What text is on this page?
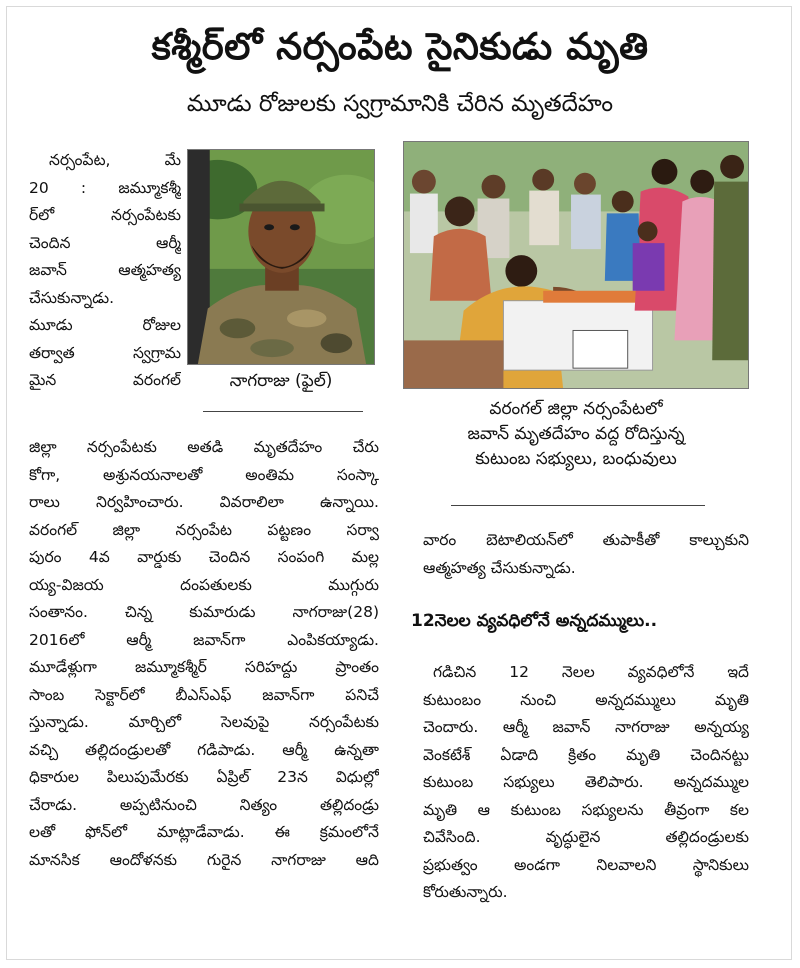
కశ్మీర్‌లో నర్సంపేట సైనికుడు మృతి
మూడు రోజులకు స్వగ్రామానికి చేరిన మృతదేహం
నాగరాజు (ఫైల్)
వరంగల్ జిల్లా నర్సంపేటలో
జవాన్ మృతదేహం వద్ద రోదిస్తున్న
కుటుంబ సభ్యులు, బంధువులు
నర్సంపేట, మే
20 : జమ్మూకశ్మీ
ర్‌లో నర్సంపేటకు
చెందిన ఆర్మీ
జవాన్ ఆత్మహత్య
చేసుకున్నాడు.
మూడు రోజుల
తర్వాత స్వగ్రామ
మైన వరంగల్
జిల్లా నర్సంపేటకు అతడి మృతదేహం చేరు
కోగా, అశ్రునయనాలతో అంతిమ సంస్కా
రాలు నిర్వహించారు. వివరాలిలా ఉన్నాయి.
వరంగల్ జిల్లా నర్సంపేట పట్టణం సర్వా
పురం 4వ వార్డుకు చెందిన సంపంగి మల్ల
య్య-విజయ దంపతులకు ముగ్గురు
సంతానం. చిన్న కుమారుడు నాగరాజు(28)
2016లో ఆర్మీ జవాన్‌గా ఎంపికయ్యాడు.
మూడేళ్లుగా జమ్మూకశ్మీర్ సరిహద్దు ప్రాంతం
సాంబ సెక్టార్‌లో బీఎస్ఎఫ్ జవాన్‌గా పనిచే
స్తున్నాడు. మార్చిలో సెలవుపై నర్సంపేటకు
వచ్చి తల్లిదండ్రులతో గడిపాడు. ఆర్మీ ఉన్నతా
ధికారుల పిలుపుమేరకు ఏప్రిల్ 23న విధుల్లో
చేరాడు. అప్పటినుంచి నిత్యం తల్లిదండ్రు
లతో ఫోన్‌లో మాట్లాడేవాడు. ఈ క్రమంలోనే
మానసిక ఆందోళనకు గురైన నాగరాజు ఆది
వారం బెటాలియన్‌లో తుపాకీతో కాల్చుకుని
ఆత్మహత్య చేసుకున్నాడు.
12నెలల వ్యవధిలోనే అన్నదమ్ములు..
గడిచిన 12 నెలల వ్యవధిలోనే ఇదే
కుటుంబం నుంచి అన్నదమ్ములు మృతి
చెందారు. ఆర్మీ జవాన్ నాగరాజు అన్నయ్య
వెంకటేశ్ ఏడాది క్రితం మృతి చెందినట్టు
కుటుంబ సభ్యులు తెలిపారు. అన్నదమ్ముల
మృతి ఆ కుటుంబ సభ్యులను తీవ్రంగా కల
చివేసింది. వృద్ధులైన తల్లిదండ్రులకు
ప్రభుత్వం అండగా నిలవాలని స్థానికులు
కోరుతున్నారు.
